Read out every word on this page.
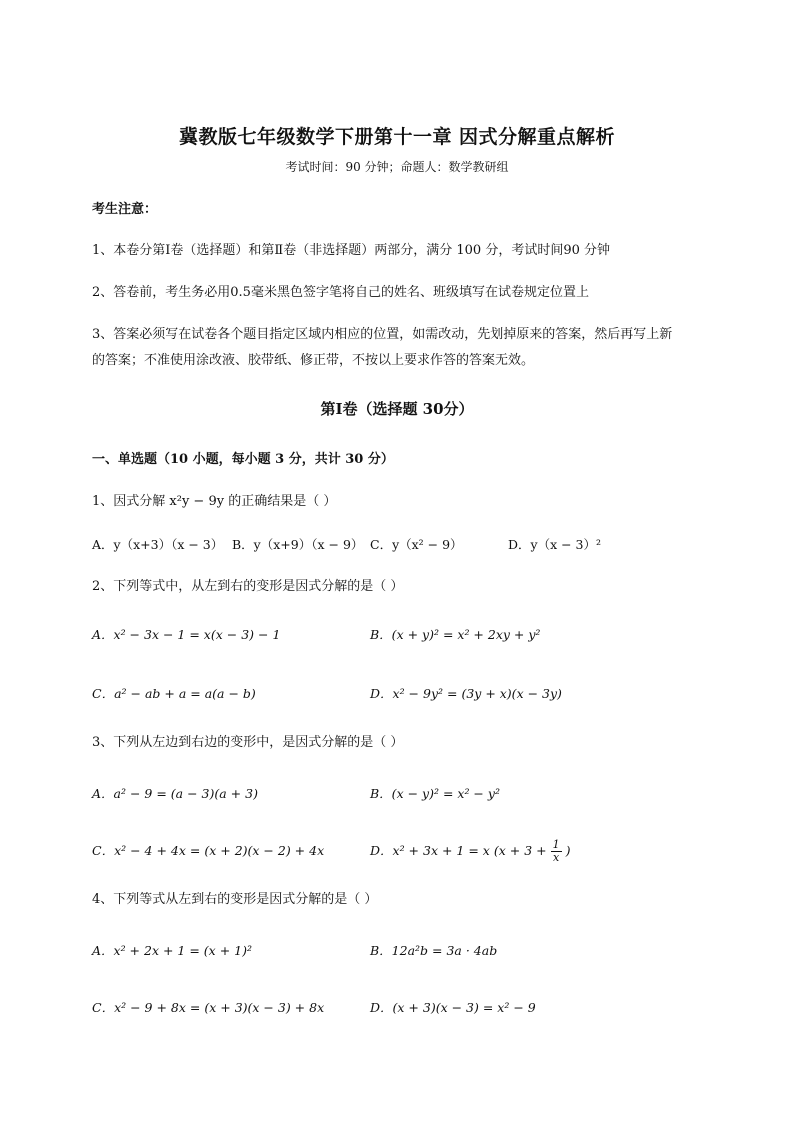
冀教版七年级数学下册第十一章 因式分解重点解析
考试时间：90 分钟；命题人：数学教研组
考生注意：
1、本卷分第Ⅰ卷（选择题）和第Ⅱ卷（非选择题）两部分，满分 100 分，考试时间90 分钟
2、答卷前，考生务必用0.5毫米黑色签字笔将自己的姓名、班级填写在试卷规定位置上
3、答案必须写在试卷各个题目指定区域内相应的位置，如需改动，先划掉原来的答案，然后再写上新
的答案；不准使用涂改液、胶带纸、修正带，不按以上要求作答的答案无效。
第Ⅰ卷（选择题 30分）
一、单选题（10 小题，每小题 3 分，共计 30 分）
1、因式分解 x²y − 9y 的正确结果是（ ）
A．y（x+3）（x − 3） B．y（x+9）（x − 9） C．y（x² − 9）	D．y（x − 3）²
2、下列等式中，从左到右的变形是因式分解的是（ ）
A．x² − 3x − 1 = x(x − 3) − 1	B．(x + y)² = x² + 2xy + y²
C．a² − ab + a = a(a − b)	D．x² − 9y² = (3y + x)(x − 3y)
3、下列从左边到右边的变形中，是因式分解的是（ ）
A．a² − 9 = (a − 3)(a + 3)	B．(x − y)² = x² − y²
C．x² − 4 + 4x = (x + 2)(x − 2) + 4x	D．x² + 3x + 1 = x ($x + 3 + \frac{1}{x}$ )
4、下列等式从左到右的变形是因式分解的是（ ）
A．x² + 2x + 1 = (x + 1)²	B．12a²b = 3a · 4ab
C．x² − 9 + 8x = (x + 3)(x − 3) + 8x	D．(x + 3)(x − 3) = x² − 9
